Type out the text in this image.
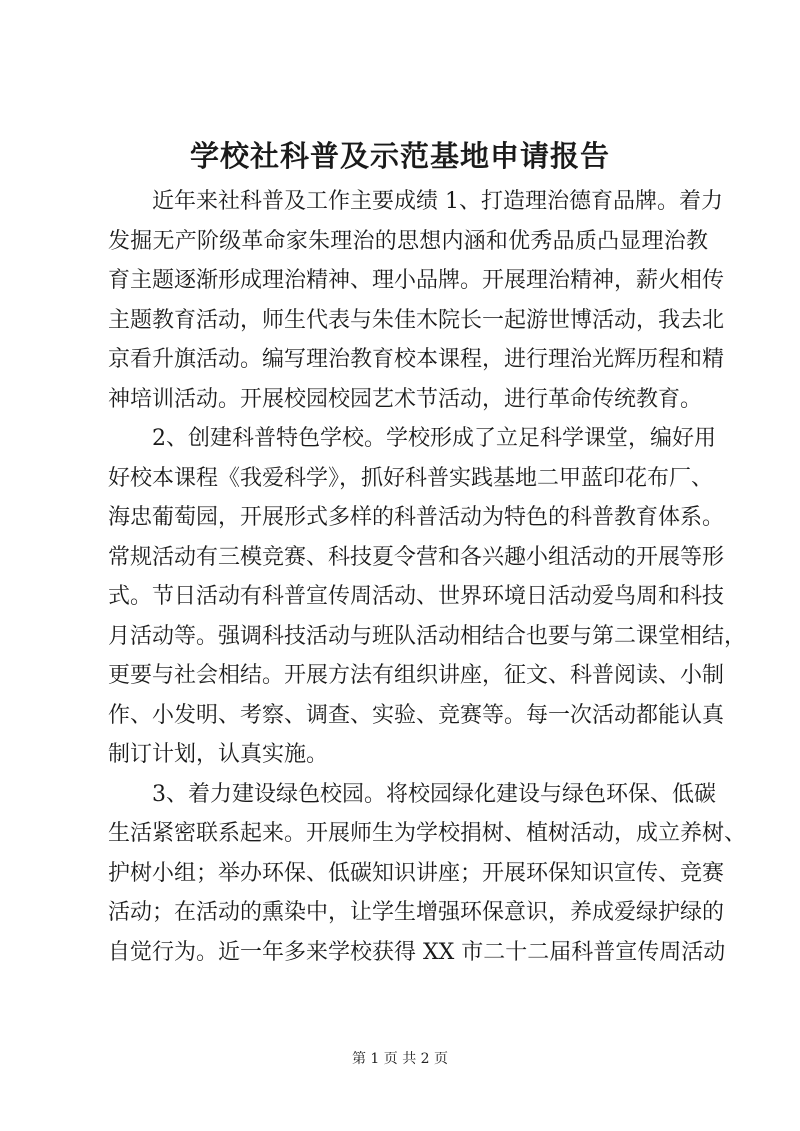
学校社科普及示范基地申请报告
近年来社科普及工作主要成绩 1、打造理治德育品牌。着力
发掘无产阶级革命家朱理治的思想内涵和优秀品质凸显理治教
育主题逐渐形成理治精神、理小品牌。开展理治精神，薪火相传
主题教育活动，师生代表与朱佳木院长一起游世博活动，我去北
京看升旗活动。编写理治教育校本课程，进行理治光辉历程和精
神培训活动。开展校园校园艺术节活动，进行革命传统教育。
2、创建科普特色学校。学校形成了立足科学课堂，编好用
好校本课程《我爱科学》，抓好科普实践基地二甲蓝印花布厂、
海忠葡萄园，开展形式多样的科普活动为特色的科普教育体系。
常规活动有三模竞赛、科技夏令营和各兴趣小组活动的开展等形
式。节日活动有科普宣传周活动、世界环境日活动爱鸟周和科技
月活动等。强调科技活动与班队活动相结合也要与第二课堂相结，
更要与社会相结。开展方法有组织讲座，征文、科普阅读、小制
作、小发明、考察、调查、实验、竞赛等。每一次活动都能认真
制订计划，认真实施。
3、着力建设绿色校园。将校园绿化建设与绿色环保、低碳
生活紧密联系起来。开展师生为学校捐树、植树活动，成立养树、
护树小组；举办环保、低碳知识讲座；开展环保知识宣传、竞赛
活动；在活动的熏染中，让学生增强环保意识，养成爱绿护绿的
自觉行为。近一年多来学校获得 XX 市二十二届科普宣传周活动
第 1 页 共 2 页
